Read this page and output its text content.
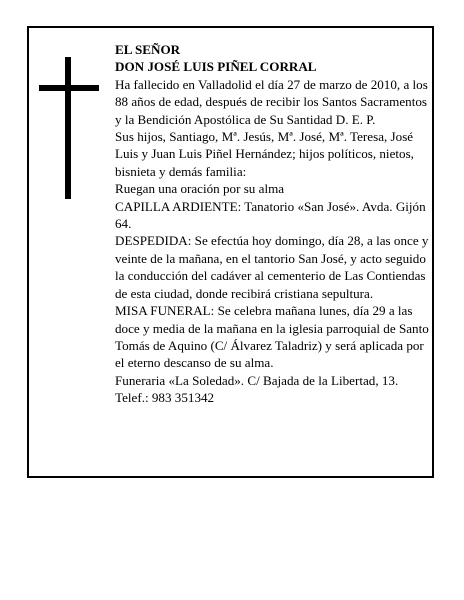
EL SEÑOR

DON JOSÉ LUIS PIÑEL CORRAL

Ha fallecido en Valladolid el día 27 de marzo de 2010, a los 88 años de edad, después de recibir los Santos Sacramentos y la Bendición Apostólica de Su Santidad D. E. P.

Sus hijos, Santiago, Mª. Jesús, Mª. José, Mª. Teresa, José Luis y Juan Luis Piñel Hernández; hijos políticos, nietos, bisnieta y demás familia:

Ruegan una oración por su alma

CAPILLA ARDIENTE: Tanatorio «San José». Avda. Gijón 64.

DESPEDIDA: Se efectúa hoy domingo, día 28, a las once y veinte de la mañana, en el tantorio San José, y acto seguido la conducción del cadáver al cementerio de Las Contiendas de esta ciudad, donde recibirá cristiana sepultura.

MISA FUNERAL: Se celebra mañana lunes, día 29 a las doce y media de la mañana en la iglesia parroquial de Santo Tomás de Aquino (C/ Álvarez Taladriz) y será aplicada por el eterno descanso de su alma.

Funeraria «La Soledad». C/ Bajada de la Libertad, 13. Telef.: 983 351342
